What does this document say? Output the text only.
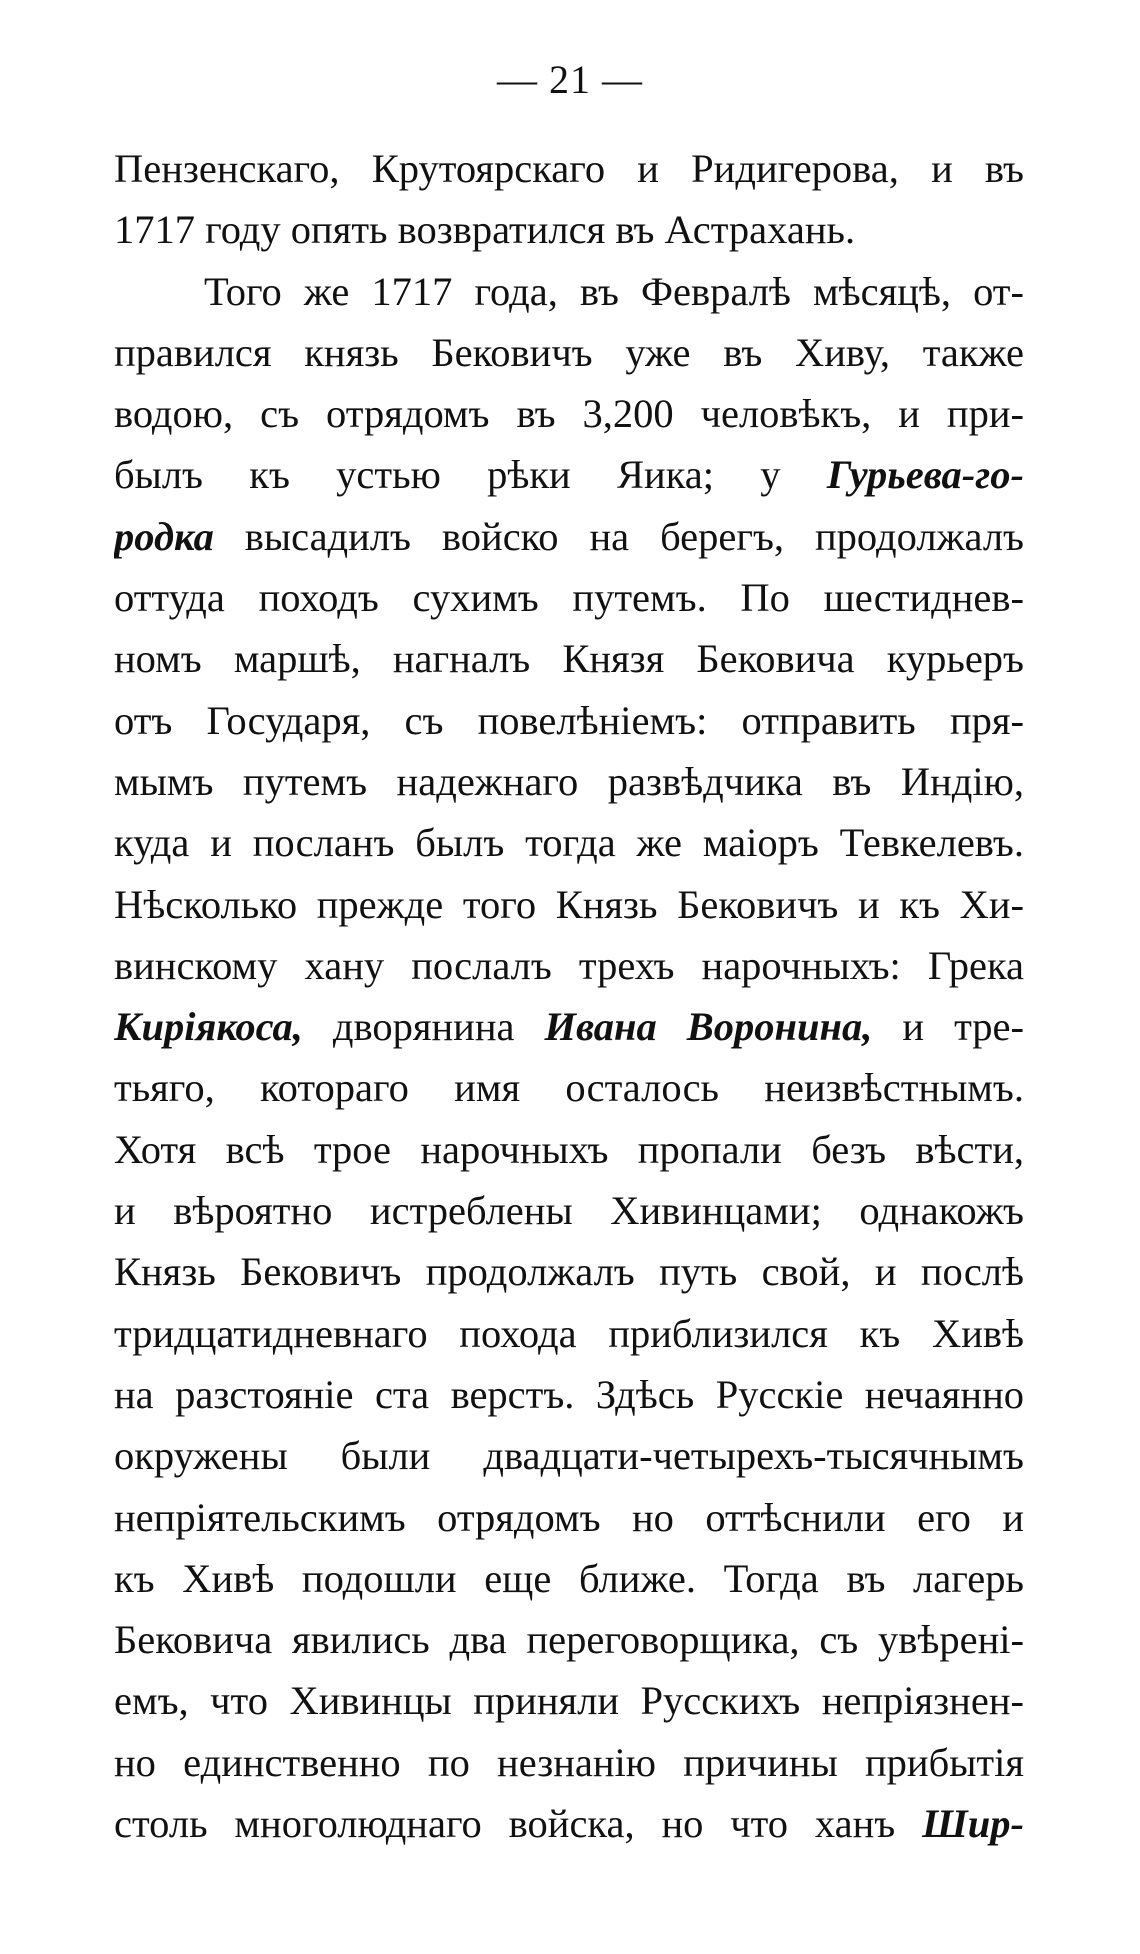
— 21 —
Пензенскаго, Крутоярскаго и Ридигерова, и въ
1717 году опять возвратился въ Астрахань.
Того же 1717 года, въ Февралѣ мѣсяцѣ, от-
правился князь Бековичъ уже въ Хиву, также
водою, съ отрядомъ въ 3,200 человѣкъ, и при-
былъ къ устью рѣки Яика; у Гурьева-го-
родка высадилъ войско на берегъ, продолжалъ
оттуда походъ сухимъ путемъ. По шестиднев-
номъ маршѣ, нагналъ Князя Бековича курьеръ
отъ Государя, съ повелѣнiемъ: отправить пря-
мымъ путемъ надежнаго развѣдчика въ Индiю,
куда и посланъ былъ тогда же маiоръ Тевкелевъ.
Нѣсколько прежде того Князь Бековичъ и къ Хи-
винскому хану послалъ трехъ нарочныхъ: Грека
Кирiякоса, дворянина Ивана Воронина, и тре-
тьяго, котораго имя осталось неизвѣстнымъ.
Хотя всѣ трое нарочныхъ пропали безъ вѣсти,
и вѣроятно истреблены Хивинцами; однакожъ
Князь Бековичъ продолжалъ путь свой, и послѣ
тридцатидневнаго похода приблизился къ Хивѣ
на разстоянiе ста верстъ. Здѣсь Русскiе нечаянно
окружены были двадцати-четырехъ-тысячнымъ
непрiятельскимъ отрядомъ но оттѣснили его и
къ Хивѣ подошли еще ближе. Тогда въ лагерь
Бековича явились два переговорщика, съ увѣренi-
емъ, что Хивинцы приняли Русскихъ непрiязнен-
но единственно по незнанiю причины прибытiя
столь многолюднаго войска, но что ханъ Шир-
